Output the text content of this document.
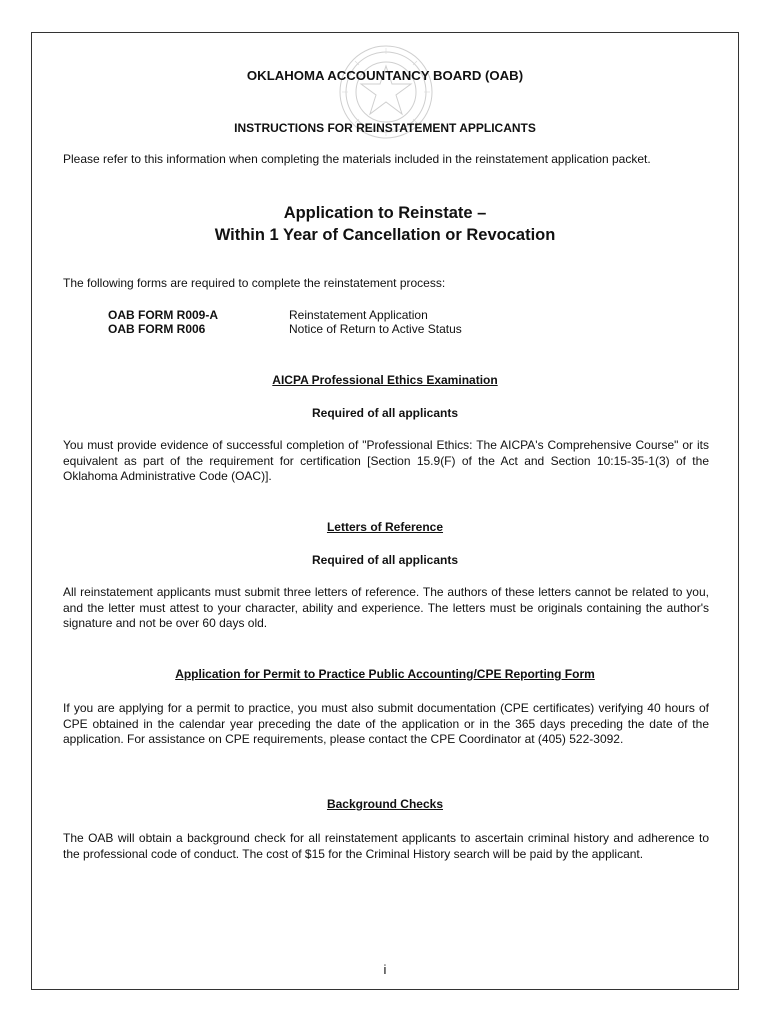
OKLAHOMA ACCOUNTANCY BOARD (OAB)
INSTRUCTIONS FOR REINSTATEMENT APPLICANTS
Please refer to this information when completing the materials included in the reinstatement application packet.
Application to Reinstate –
Within 1 Year of Cancellation or Revocation
The following forms are required to complete the reinstatement process:
OAB FORM R009-A	Reinstatement Application
OAB FORM R006	Notice of Return to Active Status
AICPA Professional Ethics Examination
Required of all applicants
You must provide evidence of successful completion of "Professional Ethics: The AICPA's Comprehensive Course" or its equivalent as part of the requirement for certification [Section 15.9(F) of the Act and Section 10:15-35-1(3) of the Oklahoma Administrative Code (OAC)].
Letters of Reference
Required of all applicants
All reinstatement applicants must submit three letters of reference. The authors of these letters cannot be related to you, and the letter must attest to your character, ability and experience. The letters must be originals containing the author's signature and not be over 60 days old.
Application for Permit to Practice Public Accounting/CPE Reporting Form
If you are applying for a permit to practice, you must also submit documentation (CPE certificates) verifying 40 hours of CPE obtained in the calendar year preceding the date of the application or in the 365 days preceding the date of the application. For assistance on CPE requirements, please contact the CPE Coordinator at (405) 522-3092.
Background Checks
The OAB will obtain a background check for all reinstatement applicants to ascertain criminal history and adherence to the professional code of conduct. The cost of $15 for the Criminal History search will be paid by the applicant.
i
